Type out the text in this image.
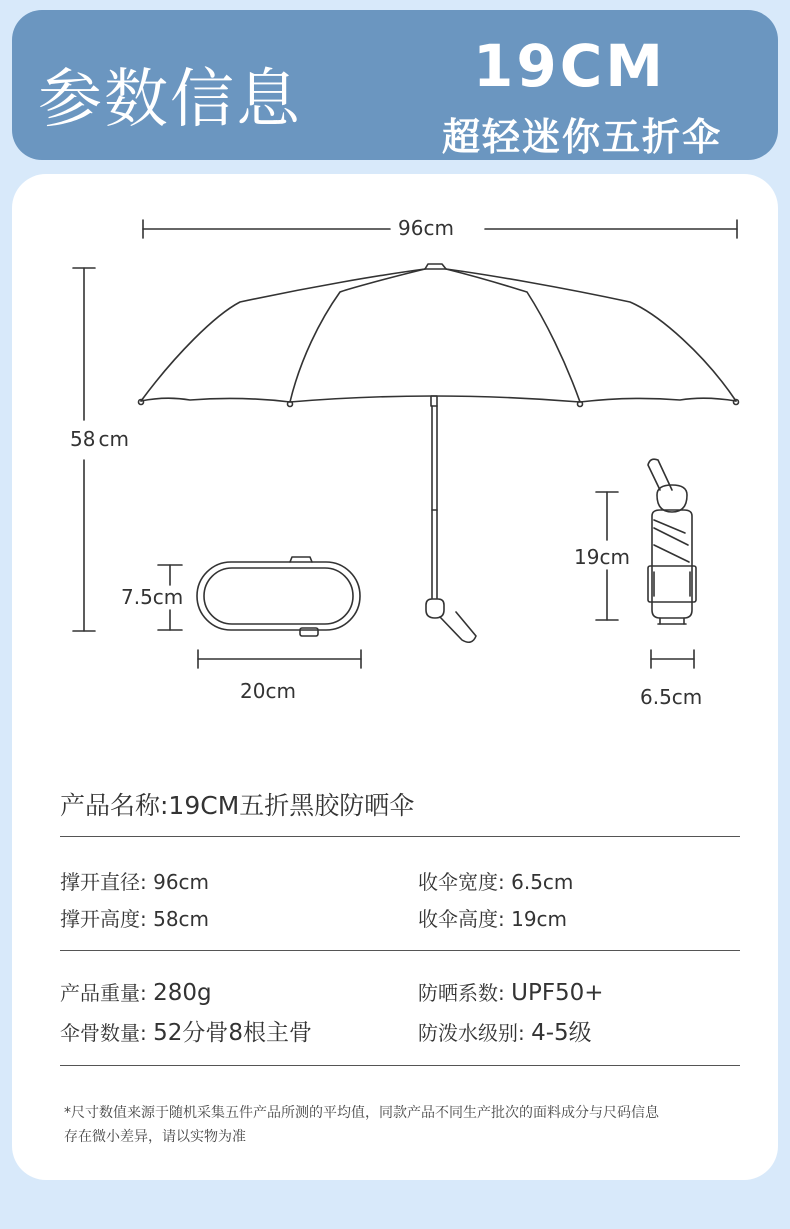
参数信息	19CM
超轻迷你五折伞
96cm
58 cm
7.5cm
20cm
19cm
6.5cm
产品名称:19CM五折黑胶防晒伞
撑开直径: 96cm	收伞宽度: 6.5cm
撑开高度: 58cm	收伞高度: 19cm
产品重量: 280g	防晒系数: UPF50+
伞骨数量: 52分骨8根主骨	防泼水级别: 4-5级
*尺寸数值来源于随机采集五件产品所测的平均值，同款产品不同生产批次的面料成分与尺码信息
存在微小差异，请以实物为准
